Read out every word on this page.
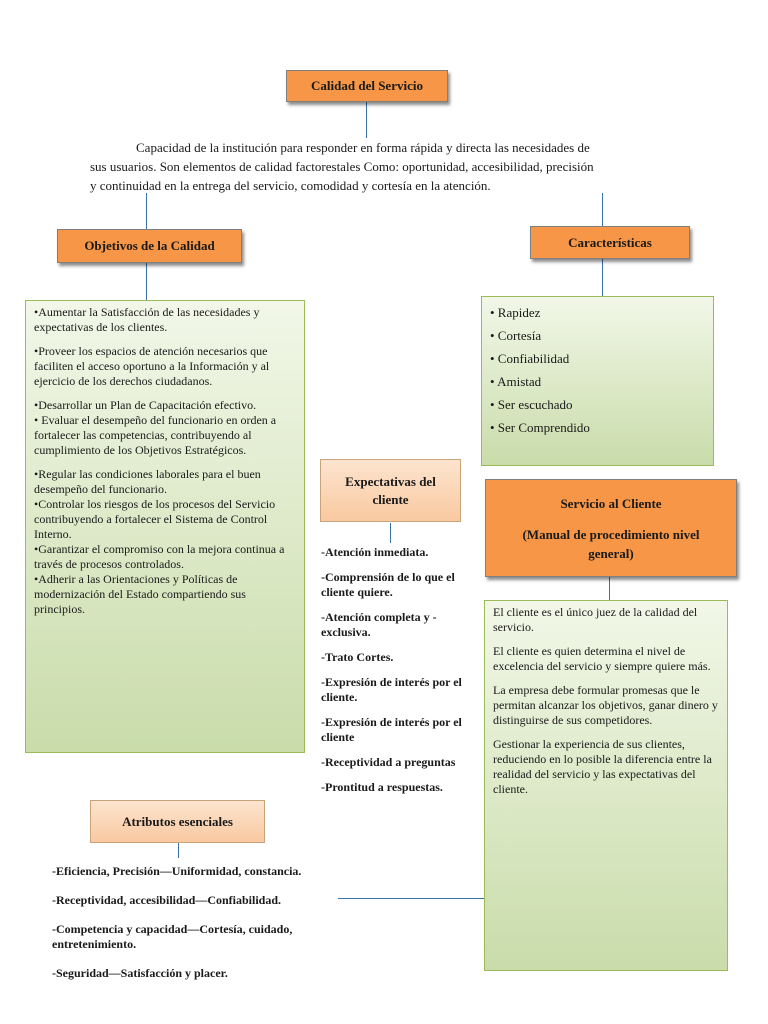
Calidad del Servicio
Capacidad de la institución para responder en forma rápida y directa las necesidades de
sus usuarios. Son elementos de calidad factorestales Como: oportunidad, accesibilidad, precisión
y continuidad en la entrega del servicio, comodidad y cortesía en la atención.
Objetivos de la Calidad

•Aumentar la Satisfacción de las necesidades y expectativas de los clientes.

•Proveer los espacios de atención necesarios que faciliten el acceso oportuno a la Información y al ejercicio de los derechos ciudadanos.

•Desarrollar un Plan de Capacitación efectivo.

• Evaluar el desempeño del funcionario en orden a fortalecer las competencias, contribuyendo al cumplimiento de los Objetivos Estratégicos.

•Regular las condiciones laborales para el buen desempeño del funcionario.

•Controlar los riesgos de los procesos del Servicio contribuyendo a fortalecer el Sistema de Control Interno.

•Garantizar el compromiso con la mejora continua a través de procesos controlados.

•Adherir a las Orientaciones y Políticas de modernización del Estado compartiendo sus principios.

Características
• Rapidez
• Cortesía
• Confiabilidad
• Amistad
• Ser escuchado
• Ser Comprendido
Expectativas del cliente

-Atención inmediata.

-Comprensión de lo que el cliente quiere.

-Atención completa y -exclusiva.

-Trato Cortes.

-Expresión de interés por el cliente.

-Expresión de interés por el cliente

-Receptividad a preguntas

-Prontitud a respuestas.

Servicio al Cliente
(Manual de procedimiento nivel general)

El cliente es el único juez de la calidad del servicio.

El cliente es quien determina el nivel de excelencia del servicio y siempre quiere más.

La empresa debe formular promesas que le permitan alcanzar los objetivos, ganar dinero y distinguirse de sus competidores.

Gestionar la experiencia de sus clientes, reduciendo en lo posible la diferencia entre la realidad del servicio y las expectativas del cliente.

Atributos esenciales

-Eficiencia, Precisión—Uniformidad, constancia.

-Receptividad, accesibilidad—Confiabilidad.

-Competencia y capacidad—Cortesía, cuidado, entretenimiento.

-Seguridad—Satisfacción y placer.
